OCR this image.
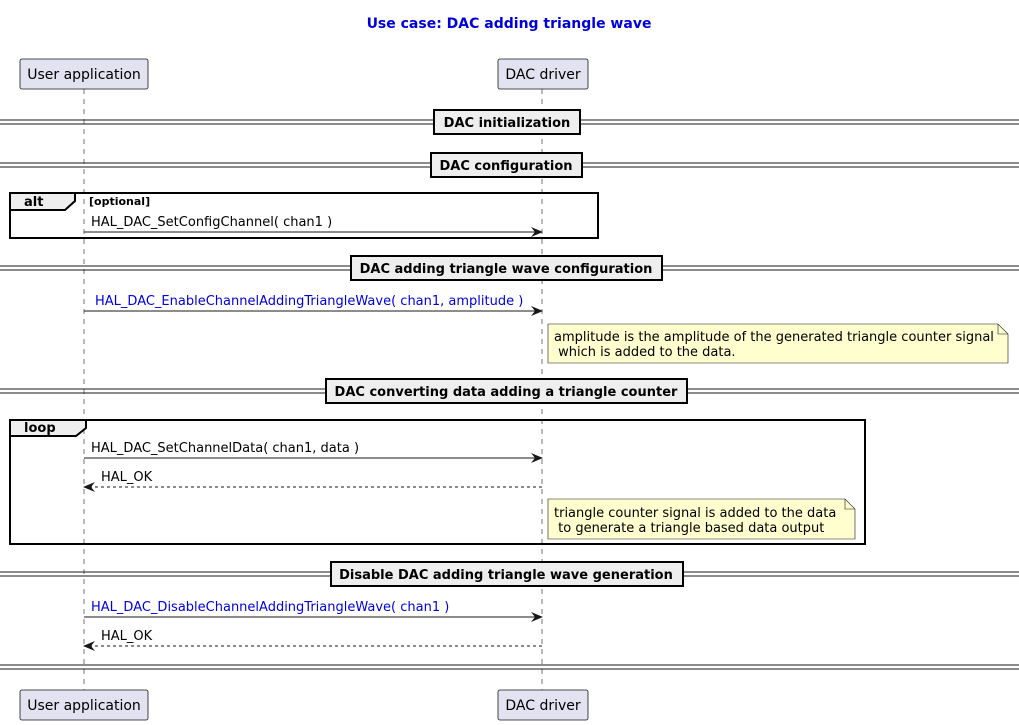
Use case: DAC adding triangle wave
User application	DAC driver
DAC initialization
DAC configuration
alt	[optional]
HAL_DAC_SetConfigChannel( chan1 )
DAC adding triangle wave configuration
HAL_DAC_EnableChannelAddingTriangleWave( chan1, amplitude )
amplitude is the amplitude of the generated triangle counter signal
which is added to the data.
DAC converting data adding a triangle counter
loop
HAL_DAC_SetChannelData( chan1, data )
HAL_OK
triangle counter signal is added to the data
to generate a triangle based data output
Disable DAC adding triangle wave generation
HAL_DAC_DisableChannelAddingTriangleWave( chan1 )
HAL_OK
User application	DAC driver
